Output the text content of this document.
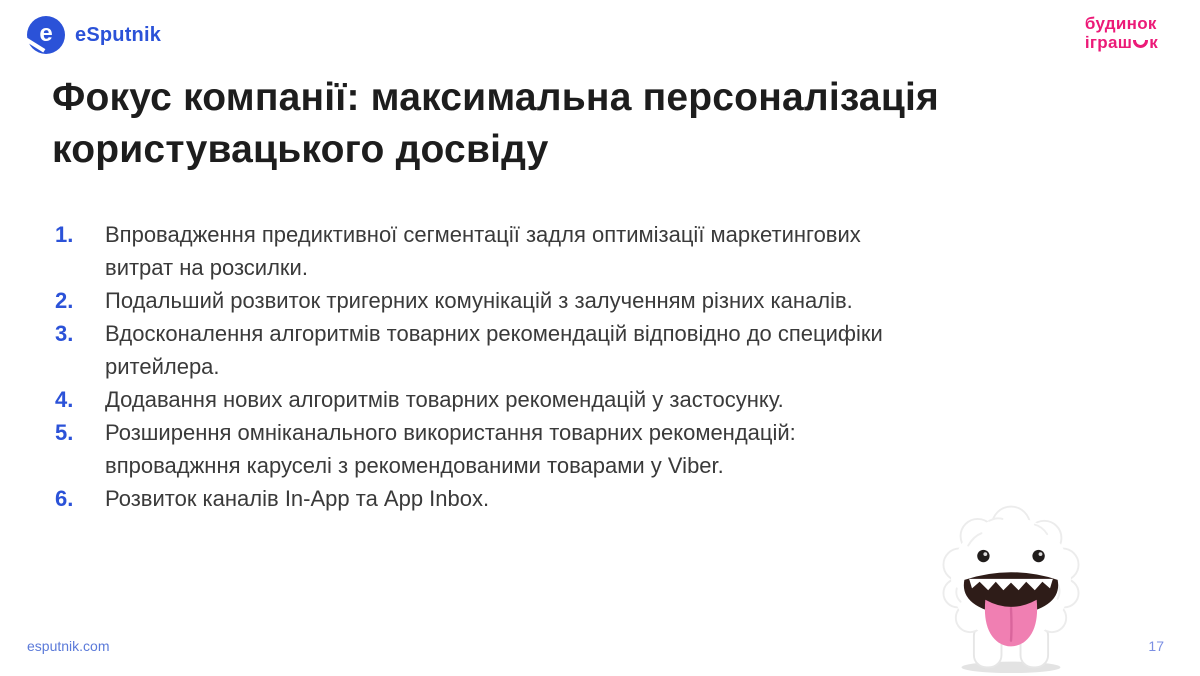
e eSputnik	будинок
іграш к
Фокус компанії: максимальна персоналізація
користувацького досвіду
1.	Впровадження предиктивної сегментації задля оптимізації маркетингових
витрат на розсилки.
2.	Подальший розвиток тригерних комунікацій з залученням різних каналів.
3.	Вдосконалення алгоритмів товарних рекомендацій відповідно до специфіки
ритейлера.
4.	Додавання нових алгоритмів товарних рекомендацій у застосунку.
5.	Розширення омніканального використання товарних рекомендацій:
впроваджння каруселі з рекомендованими товарами у Viber.
6.	Розвиток каналів In-App та App Inbox.
esputnik.com	17
